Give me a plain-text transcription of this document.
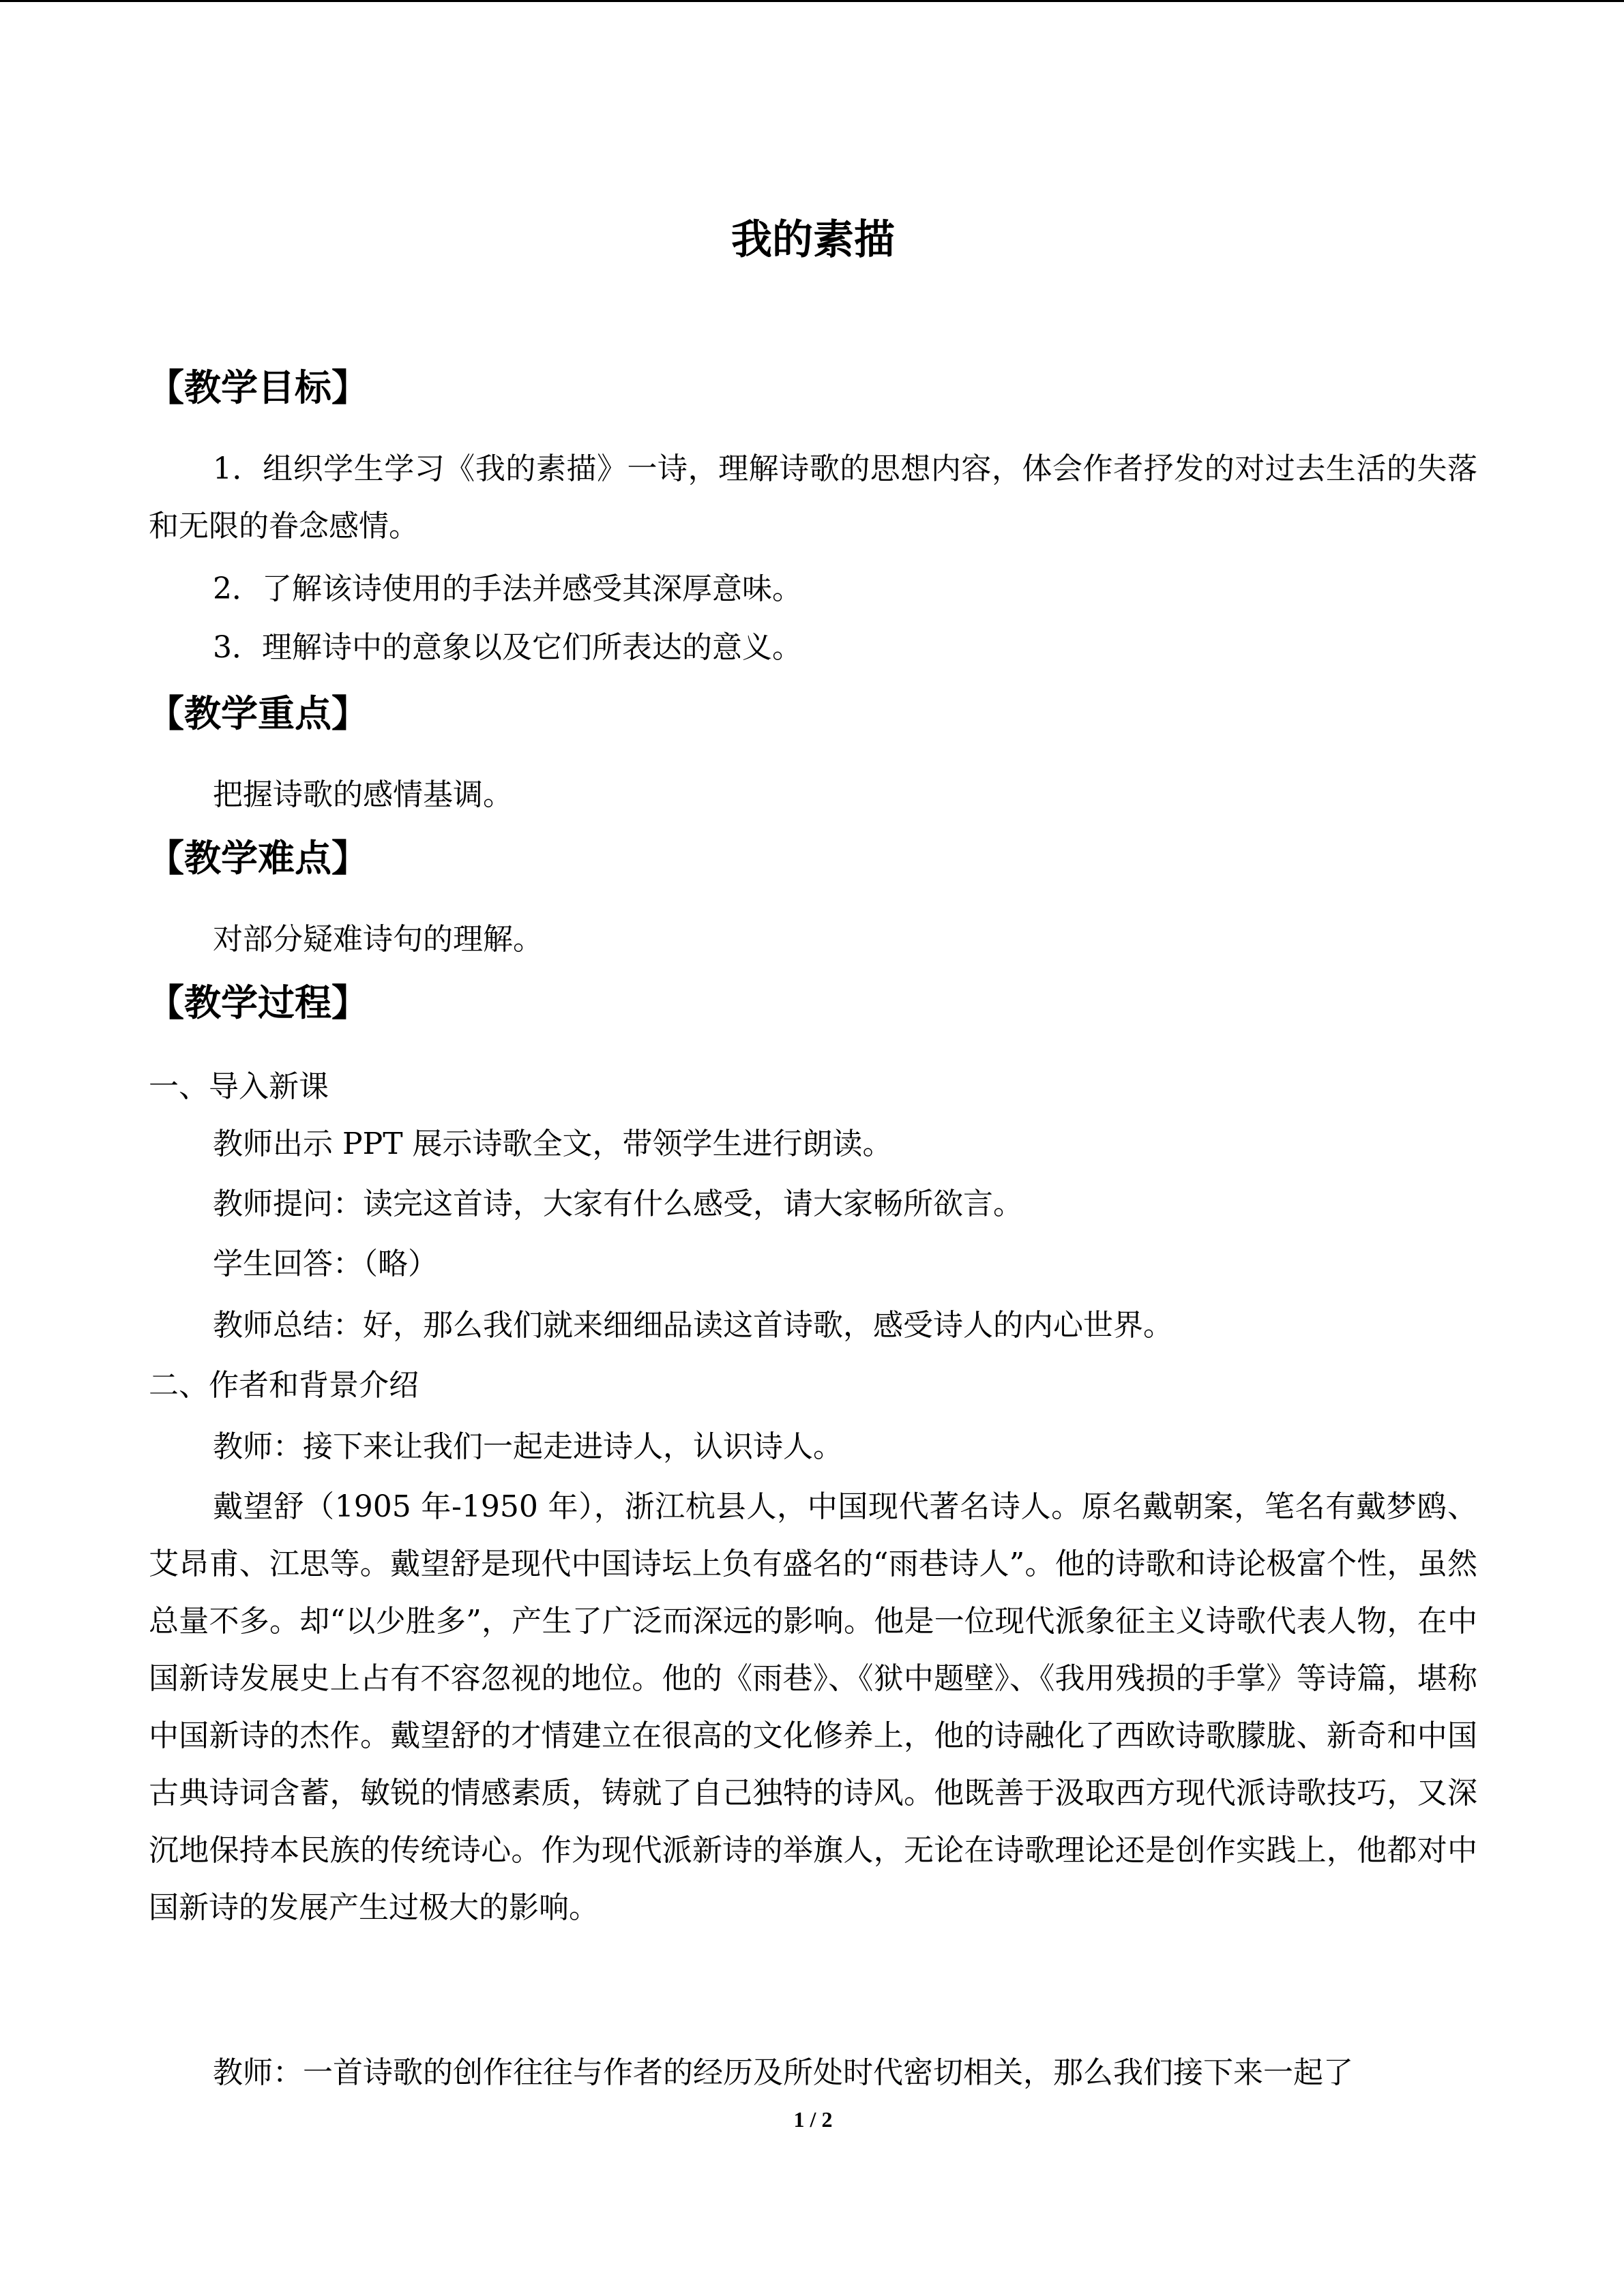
我的素描
【教学目标】

1．组织学生学习《我的素描》一诗，理解诗歌的思想内容，体会作者抒发的对过去生活的失落和无限的眷念感情。

2．了解该诗使用的手法并感受其深厚意味。

3．理解诗中的意象以及它们所表达的意义。

【教学重点】

把握诗歌的感情基调。

【教学难点】

对部分疑难诗句的理解。

【教学过程】

一、导入新课

教师出示 PPT 展示诗歌全文，带领学生进行朗读。

教师提问：读完这首诗，大家有什么感受，请大家畅所欲言。

学生回答：（略）

教师总结：好，那么我们就来细细品读这首诗歌，感受诗人的内心世界。

二、作者和背景介绍

教师：接下来让我们一起走进诗人，认识诗人。

戴望舒（1905 年-1950 年），浙江杭县人，中国现代著名诗人。原名戴朝案，笔名有戴梦鸥、艾昂甫、江思等。戴望舒是现代中国诗坛上负有盛名的“雨巷诗人”。他的诗歌和诗论极富个性，虽然总量不多。却“以少胜多”，产生了广泛而深远的影响。他是一位现代派象征主义诗歌代表人物，在中国新诗发展史上占有不容忽视的地位。他的《雨巷》、《狱中题壁》、《我用残损的手掌》等诗篇，堪称中国新诗的杰作。戴望舒的才情建立在很高的文化修养上，他的诗融化了西欧诗歌朦胧、新奇和中国古典诗词含蓄，敏锐的情感素质，铸就了自己独特的诗风。他既善于汲取西方现代派诗歌技巧，又深沉地保持本民族的传统诗心。作为现代派新诗的举旗人，无论在诗歌理论还是创作实践上，他都对中国新诗的发展产生过极大的影响。

教师：一首诗歌的创作往往与作者的经历及所处时代密切相关，那么我们接下来一起了

1 / 2
